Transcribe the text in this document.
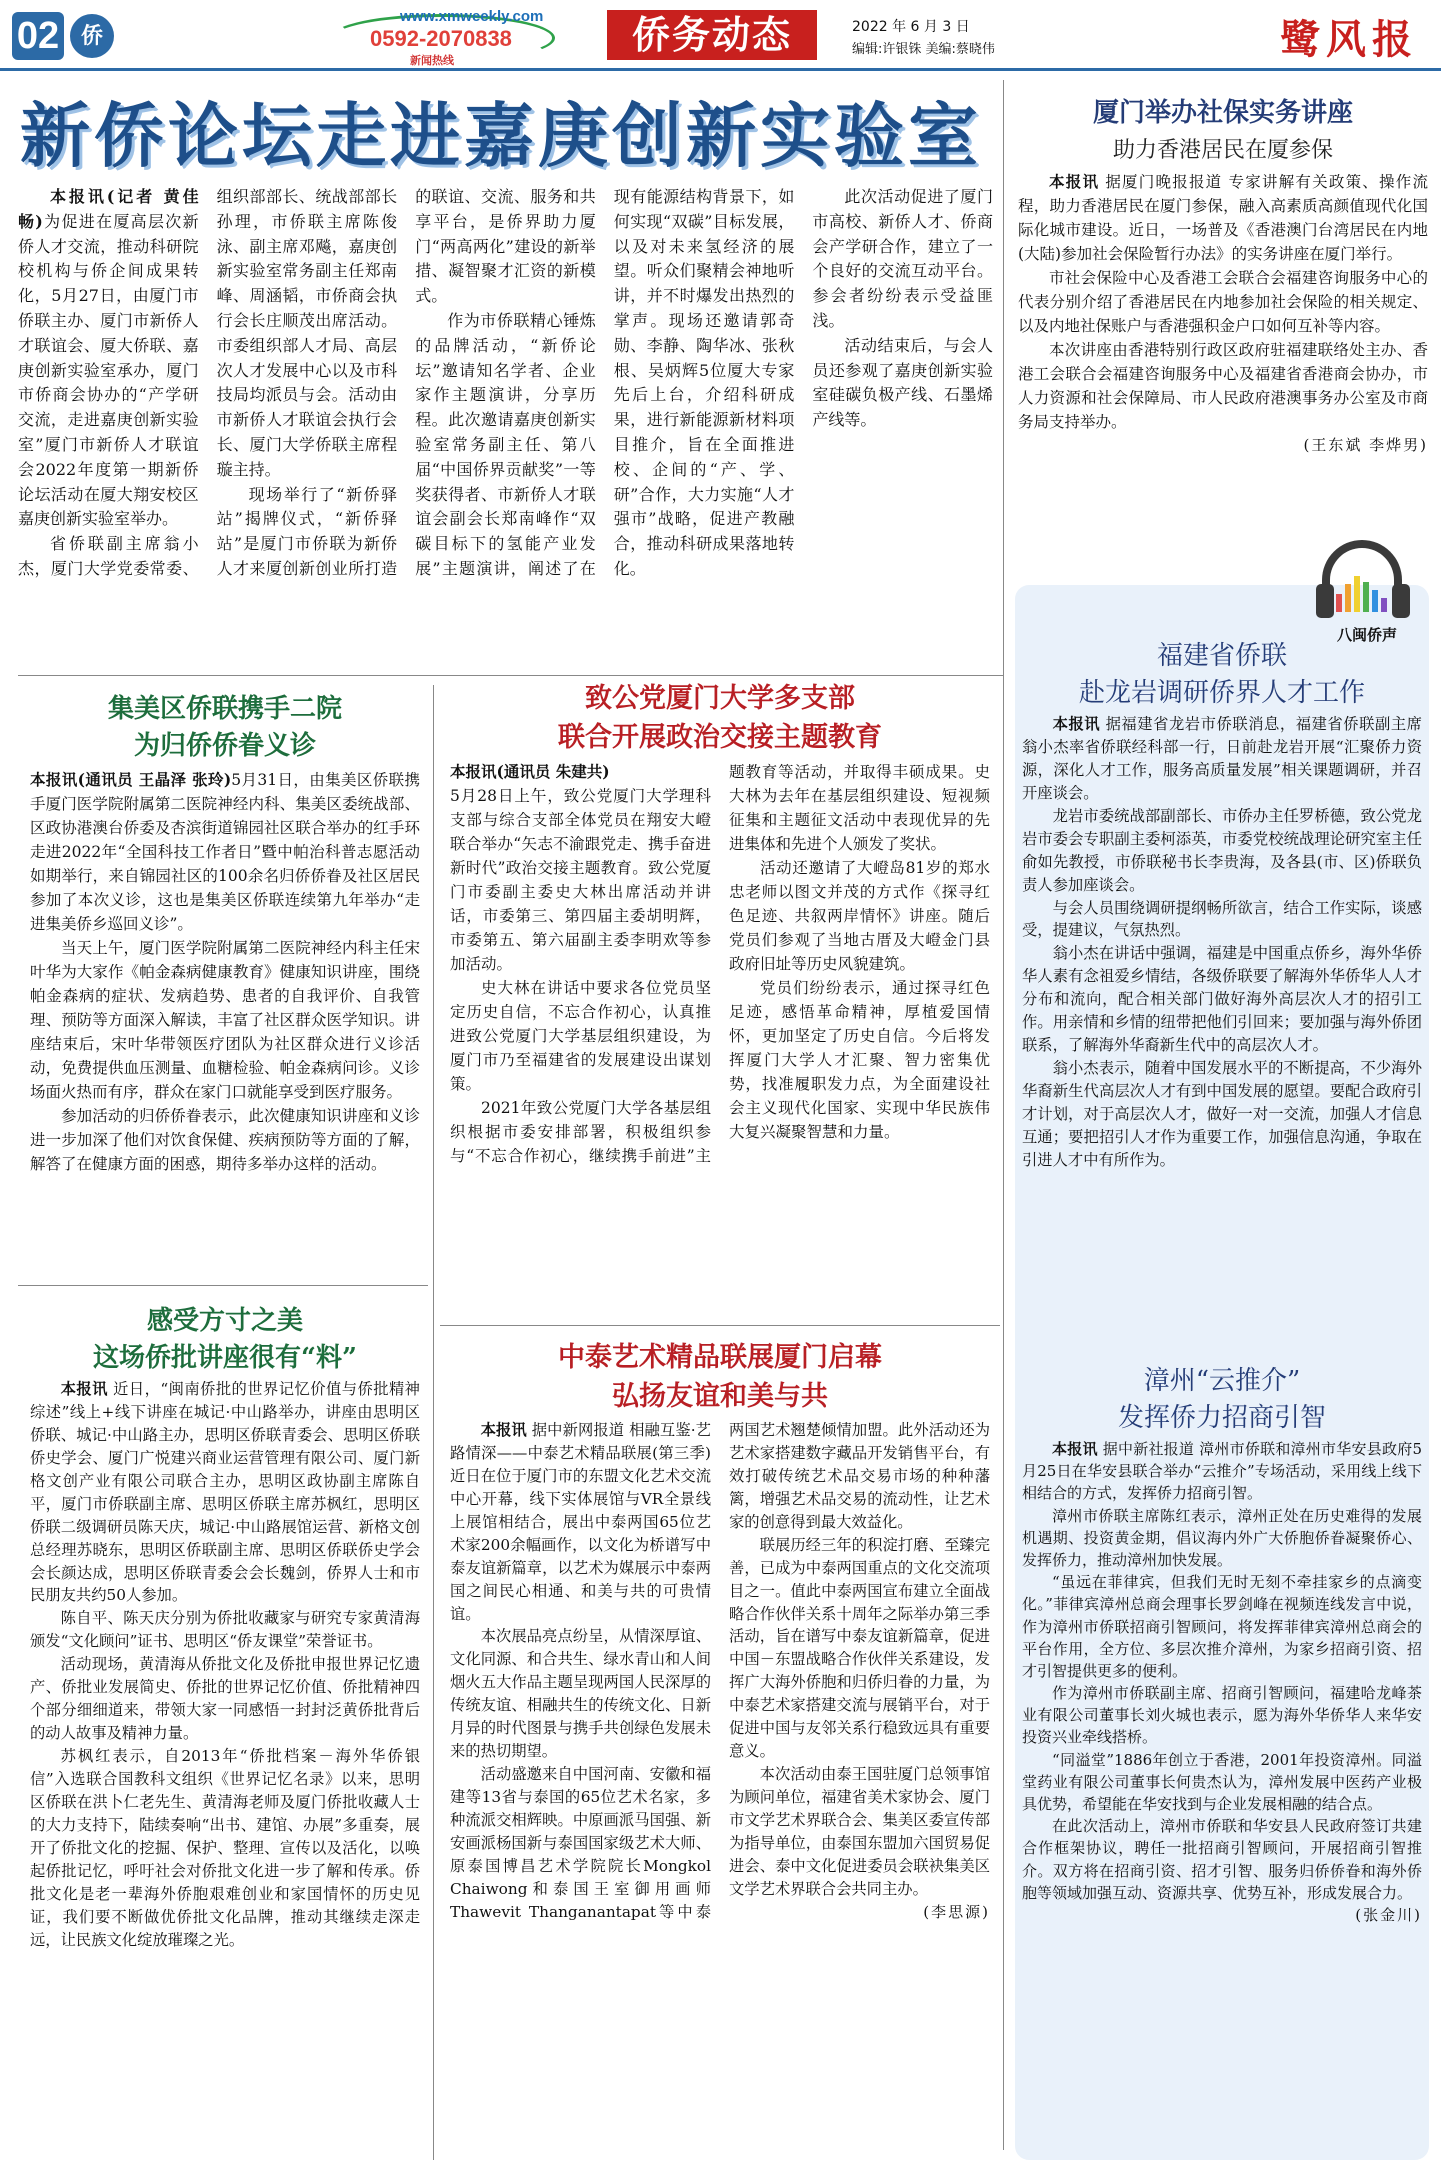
02 侨
www.xmweekly.com
0592-2070838
新闻热线
侨务动态	2022 年 6 月 3 日
编辑:许银铢 美编:蔡晓伟	鹭风报
新侨论坛走进嘉庚创新实验室

本报讯(记者 黄佳畅)为促进在厦高层次新侨人才交流，推动科研院校机构与侨企间成果转化，5月27日，由厦门市侨联主办、厦门市新侨人才联谊会、厦大侨联、嘉庚创新实验室承办，厦门市侨商会协办的“产学研交流，走进嘉庚创新实验室”厦门市新侨人才联谊会2022年度第一期新侨论坛活动在厦大翔安校区嘉庚创新实验室举办。

省侨联副主席翁小杰，厦门大学党委常委、组织部部长、统战部部长孙理，市侨联主席陈俊泳、副主席邓飚，嘉庚创新实验室常务副主任郑南峰、周涵韬，市侨商会执行会长庄顺茂出席活动。市委组织部人才局、高层次人才发展中心以及市科技局均派员与会。活动由市新侨人才联谊会执行会长、厦门大学侨联主席程璇主持。

现场举行了“新侨驿站”揭牌仪式，“新侨驿站”是厦门市侨联为新侨人才来厦创新创业所打造的联谊、交流、服务和共享平台，是侨界助力厦门“两高两化”建设的新举措、凝智聚才汇资的新模式。

作为市侨联精心锤炼的品牌活动，“新侨论坛”邀请知名学者、企业家作主题演讲，分享历程。此次邀请嘉庚创新实验室常务副主任、第八届“中国侨界贡献奖”一等奖获得者、市新侨人才联谊会副会长郑南峰作“双碳目标下的氢能产业发展”主题演讲，阐述了在现有能源结构背景下，如何实现“双碳”目标发展，以及对未来氢经济的展望。听众们聚精会神地听讲，并不时爆发出热烈的掌声。现场还邀请郭奇勋、李静、陶华冰、张秋根、吴炳辉5位厦大专家先后上台，介绍科研成果，进行新能源新材料项目推介，旨在全面推进校、企间的“产、学、研”合作，大力实施“人才强市”战略，促进产教融合，推动科研成果落地转化。

此次活动促进了厦门市高校、新侨人才、侨商会产学研合作，建立了一个良好的交流互动平台。参会者纷纷表示受益匪浅。

活动结束后，与会人员还参观了嘉庚创新实验室硅碳负极产线、石墨烯产线等。

厦门举办社保实务讲座
助力香港居民在厦参保

本报讯 据厦门晚报报道 专家讲解有关政策、操作流程，助力香港居民在厦门参保，融入高素质高颜值现代化国际化城市建设。近日，一场普及《香港澳门台湾居民在内地(大陆)参加社会保险暂行办法》的实务讲座在厦门举行。

市社会保险中心及香港工会联合会福建咨询服务中心的代表分别介绍了香港居民在内地参加社会保险的相关规定、以及内地社保账户与香港强积金户口如何互补等内容。

本次讲座由香港特别行政区政府驻福建联络处主办、香港工会联合会福建咨询服务中心及福建省香港商会协办，市人力资源和社会保障局、市人民政府港澳事务办公室及市商务局支持举办。

(王东斌 李烨男)
集美区侨联携手二院
为归侨侨眷义诊

本报讯(通讯员 王晶泽 张玲)5月31日，由集美区侨联携手厦门医学院附属第二医院神经内科、集美区委统战部、区政协港澳台侨委及杏滨街道锦园社区联合举办的红手环走进2022年“全国科技工作者日”暨中帕治科普志愿活动如期举行，来自锦园社区的100余名归侨侨眷及社区居民参加了本次义诊，这也是集美区侨联连续第九年举办“走进集美侨乡巡回义诊”。

当天上午，厦门医学院附属第二医院神经内科主任宋叶华为大家作《帕金森病健康教育》健康知识讲座，围绕帕金森病的症状、发病趋势、患者的自我评价、自我管理、预防等方面深入解读，丰富了社区群众医学知识。讲座结束后，宋叶华带领医疗团队为社区群众进行义诊活动，免费提供血压测量、血糖检验、帕金森病问诊。义诊场面火热而有序，群众在家门口就能享受到医疗服务。

参加活动的归侨侨眷表示，此次健康知识讲座和义诊进一步加深了他们对饮食保健、疾病预防等方面的了解，解答了在健康方面的困惑，期待多举办这样的活动。

致公党厦门大学多支部
联合开展政治交接主题教育

本报讯(通讯员 朱建共)
5月28日上午，致公党厦门大学理科支部与综合支部全体党员在翔安大嶝联合举办“矢志不渝跟党走、携手奋进新时代”政治交接主题教育。致公党厦门市委副主委史大林出席活动并讲话，市委第三、第四届主委胡明辉，市委第五、第六届副主委李明欢等参加活动。

史大林在讲话中要求各位党员坚定历史自信，不忘合作初心，认真推进致公党厦门大学基层组织建设，为厦门市乃至福建省的发展建设出谋划策。

2021年致公党厦门大学各基层组织根据市委安排部署，积极组织参与“不忘合作初心，继续携手前进”主题教育等活动，并取得丰硕成果。史大林为去年在基层组织建设、短视频征集和主题征文活动中表现优异的先进集体和先进个人颁发了奖状。

活动还邀请了大嶝岛81岁的郑水忠老师以图文并茂的方式作《探寻红色足迹、共叙两岸情怀》讲座。随后党员们参观了当地古厝及大嶝金门县政府旧址等历史风貌建筑。

党员们纷纷表示，通过探寻红色足迹，感悟革命精神，厚植爱国情怀，更加坚定了历史自信。今后将发挥厦门大学人才汇聚、智力密集优势，找准履职发力点，为全面建设社会主义现代化国家、实现中华民族伟大复兴凝聚智慧和力量。

感受方寸之美
这场侨批讲座很有“料”

本报讯 近日，“闽南侨批的世界记忆价值与侨批精神综述”线上+线下讲座在城记·中山路举办，讲座由思明区侨联、城记·中山路主办，思明区侨联青委会、思明区侨联侨史学会、厦门广悦建兴商业运营管理有限公司、厦门新格文创产业有限公司联合主办，思明区政协副主席陈自平，厦门市侨联副主席、思明区侨联主席苏枫红，思明区侨联二级调研员陈天庆，城记·中山路展馆运营、新格文创总经理苏晓东，思明区侨联副主席、思明区侨联侨史学会会长颜达成，思明区侨联青委会会长魏剑，侨界人士和市民朋友共约50人参加。

陈自平、陈天庆分别为侨批收藏家与研究专家黄清海颁发“文化顾问”证书、思明区“侨友课堂”荣誉证书。

活动现场，黄清海从侨批文化及侨批申报世界记忆遗产、侨批业发展简史、侨批的世界记忆价值、侨批精神四个部分细细道来，带领大家一同感悟一封封泛黄侨批背后的动人故事及精神力量。

苏枫红表示，自2013年“侨批档案－海外华侨银信”入选联合国教科文组织《世界记忆名录》以来，思明区侨联在洪卜仁老先生、黄清海老师及厦门侨批收藏人士的大力支持下，陆续奏响“出书、建馆、办展”多重奏，展开了侨批文化的挖掘、保护、整理、宣传以及活化，以唤起侨批记忆，呼吁社会对侨批文化进一步了解和传承。侨批文化是老一辈海外侨胞艰难创业和家国情怀的历史见证，我们要不断做优侨批文化品牌，推动其继续走深走远，让民族文化绽放璀璨之光。

中泰艺术精品联展厦门启幕
弘扬友谊和美与共

本报讯 据中新网报道 相融互鉴·艺路情深——中泰艺术精品联展(第三季)近日在位于厦门市的东盟文化艺术交流中心开幕，线下实体展馆与VR全景线上展馆相结合，展出中泰两国65位艺术家200余幅画作，以文化为桥谱写中泰友谊新篇章，以艺术为媒展示中泰两国之间民心相通、和美与共的可贵情谊。

本次展品亮点纷呈，从情深厚谊、文化同源、和合共生、绿水青山和人间烟火五大作品主题呈现两国人民深厚的传统友谊、相融共生的传统文化、日新月异的时代图景与携手共创绿色发展未来的热切期望。

活动盛邀来自中国河南、安徽和福建等13省与泰国的65位艺术名家，多种流派交相辉映。中原画派马国强、新安画派杨国新与泰国国家级艺术大师、原泰国博昌艺术学院院长Mongkol Chaiwong和泰国王室御用画师Thawevit Thanganantapat等中泰两国艺术翘楚倾情加盟。此外活动还为艺术家搭建数字藏品开发销售平台，有效打破传统艺术品交易市场的种种藩篱，增强艺术品交易的流动性，让艺术家的创意得到最大效益化。

联展历经三年的积淀打磨、至臻完善，已成为中泰两国重点的文化交流项目之一。值此中泰两国宣布建立全面战略合作伙伴关系十周年之际举办第三季活动，旨在谱写中泰友谊新篇章，促进中国－东盟战略合作伙伴关系建设，发挥广大海外侨胞和归侨归眷的力量，为中泰艺术家搭建交流与展销平台，对于促进中国与友邻关系行稳致远具有重要意义。

本次活动由泰王国驻厦门总领事馆为顾问单位，福建省美术家协会、厦门市文学艺术界联合会、集美区委宣传部为指导单位，由泰国东盟加六国贸易促进会、泰中文化促进委员会联袂集美区文学艺术界联合会共同主办。

(李思源)
八闽侨声
福建省侨联
赴龙岩调研侨界人才工作

本报讯 据福建省龙岩市侨联消息，福建省侨联副主席翁小杰率省侨联经科部一行，日前赴龙岩开展“汇聚侨力资源，深化人才工作，服务高质量发展”相关课题调研，并召开座谈会。

龙岩市委统战部副部长、市侨办主任罗桥德，致公党龙岩市委会专职副主委柯添英，市委党校统战理论研究室主任俞如先教授，市侨联秘书长李贵海，及各县(市、区)侨联负责人参加座谈会。

与会人员围绕调研提纲畅所欲言，结合工作实际，谈感受，提建议，气氛热烈。

翁小杰在讲话中强调，福建是中国重点侨乡，海外华侨华人素有念祖爱乡情结，各级侨联要了解海外华侨华人人才分布和流向，配合相关部门做好海外高层次人才的招引工作。用亲情和乡情的纽带把他们引回来；要加强与海外侨团联系，了解海外华裔新生代中的高层次人才。

翁小杰表示，随着中国发展水平的不断提高，不少海外华裔新生代高层次人才有到中国发展的愿望。要配合政府引才计划，对于高层次人才，做好一对一交流，加强人才信息互通；要把招引人才作为重要工作，加强信息沟通，争取在引进人才中有所作为。

漳州“云推介”
发挥侨力招商引智

本报讯 据中新社报道 漳州市侨联和漳州市华安县政府5月25日在华安县联合举办“云推介”专场活动，采用线上线下相结合的方式，发挥侨力招商引智。

漳州市侨联主席陈红表示，漳州正处在历史难得的发展机遇期、投资黄金期，倡议海内外广大侨胞侨眷凝聚侨心、发挥侨力，推动漳州加快发展。

“虽远在菲律宾，但我们无时无刻不牵挂家乡的点滴变化。”菲律宾漳州总商会理事长罗剑峰在视频连线发言中说，作为漳州市侨联招商引智顾问，将发挥菲律宾漳州总商会的平台作用，全方位、多层次推介漳州，为家乡招商引资、招才引智提供更多的便利。

作为漳州市侨联副主席、招商引智顾问，福建哈龙峰茶业有限公司董事长刘火城也表示，愿为海外华侨华人来华安投资兴业牵线搭桥。

“同溢堂”1886年创立于香港，2001年投资漳州。同溢堂药业有限公司董事长何贵杰认为，漳州发展中医药产业极具优势，希望能在华安找到与企业发展相融的结合点。

在此次活动上，漳州市侨联和华安县人民政府签订共建合作框架协议，聘任一批招商引智顾问，开展招商引智推介。双方将在招商引资、招才引智、服务归侨侨眷和海外侨胞等领域加强互动、资源共享、优势互补，形成发展合力。

(张金川)
